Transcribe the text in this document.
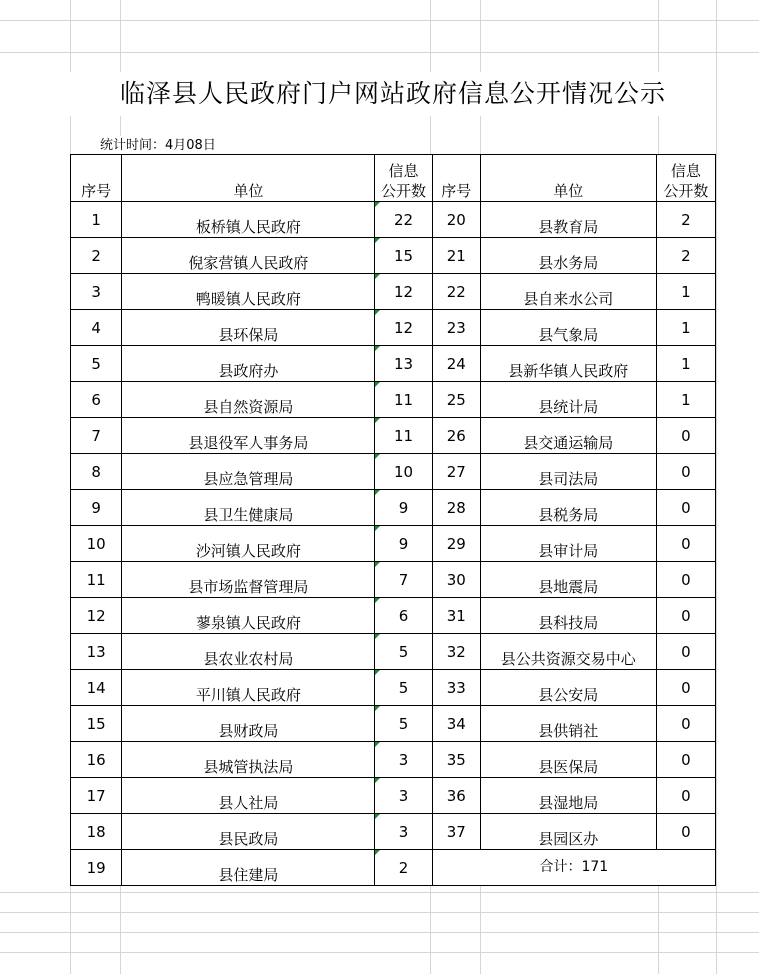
临泽县人民政府门户网站政府信息公开情况公示
统计时间：4月08日
序号	单位	信息
公开数	序号	单位	信息
公开数
1	板桥镇人民政府	22	20	县教育局	2
2	倪家营镇人民政府	15	21	县水务局	2
3	鸭暖镇人民政府	12	22	县自来水公司	1
4	县环保局	12	23	县气象局	1
5	县政府办	13	24	县新华镇人民政府	1
6	县自然资源局	11	25	县统计局	1
7	县退役军人事务局	11	26	县交通运输局	0
8	县应急管理局	10	27	县司法局	0
9	县卫生健康局	9	28	县税务局	0
10	沙河镇人民政府	9	29	县审计局	0
11	县市场监督管理局	7	30	县地震局	0
12	蓼泉镇人民政府	6	31	县科技局	0
13	县农业农村局	5	32	县公共资源交易中心	0
14	平川镇人民政府	5	33	县公安局	0
15	县财政局	5	34	县供销社	0
16	县城管执法局	3	35	县医保局	0
17	县人社局	3	36	县湿地局	0
18	县民政局	3	37	县园区办	0
19	县住建局	2	合计：171		
